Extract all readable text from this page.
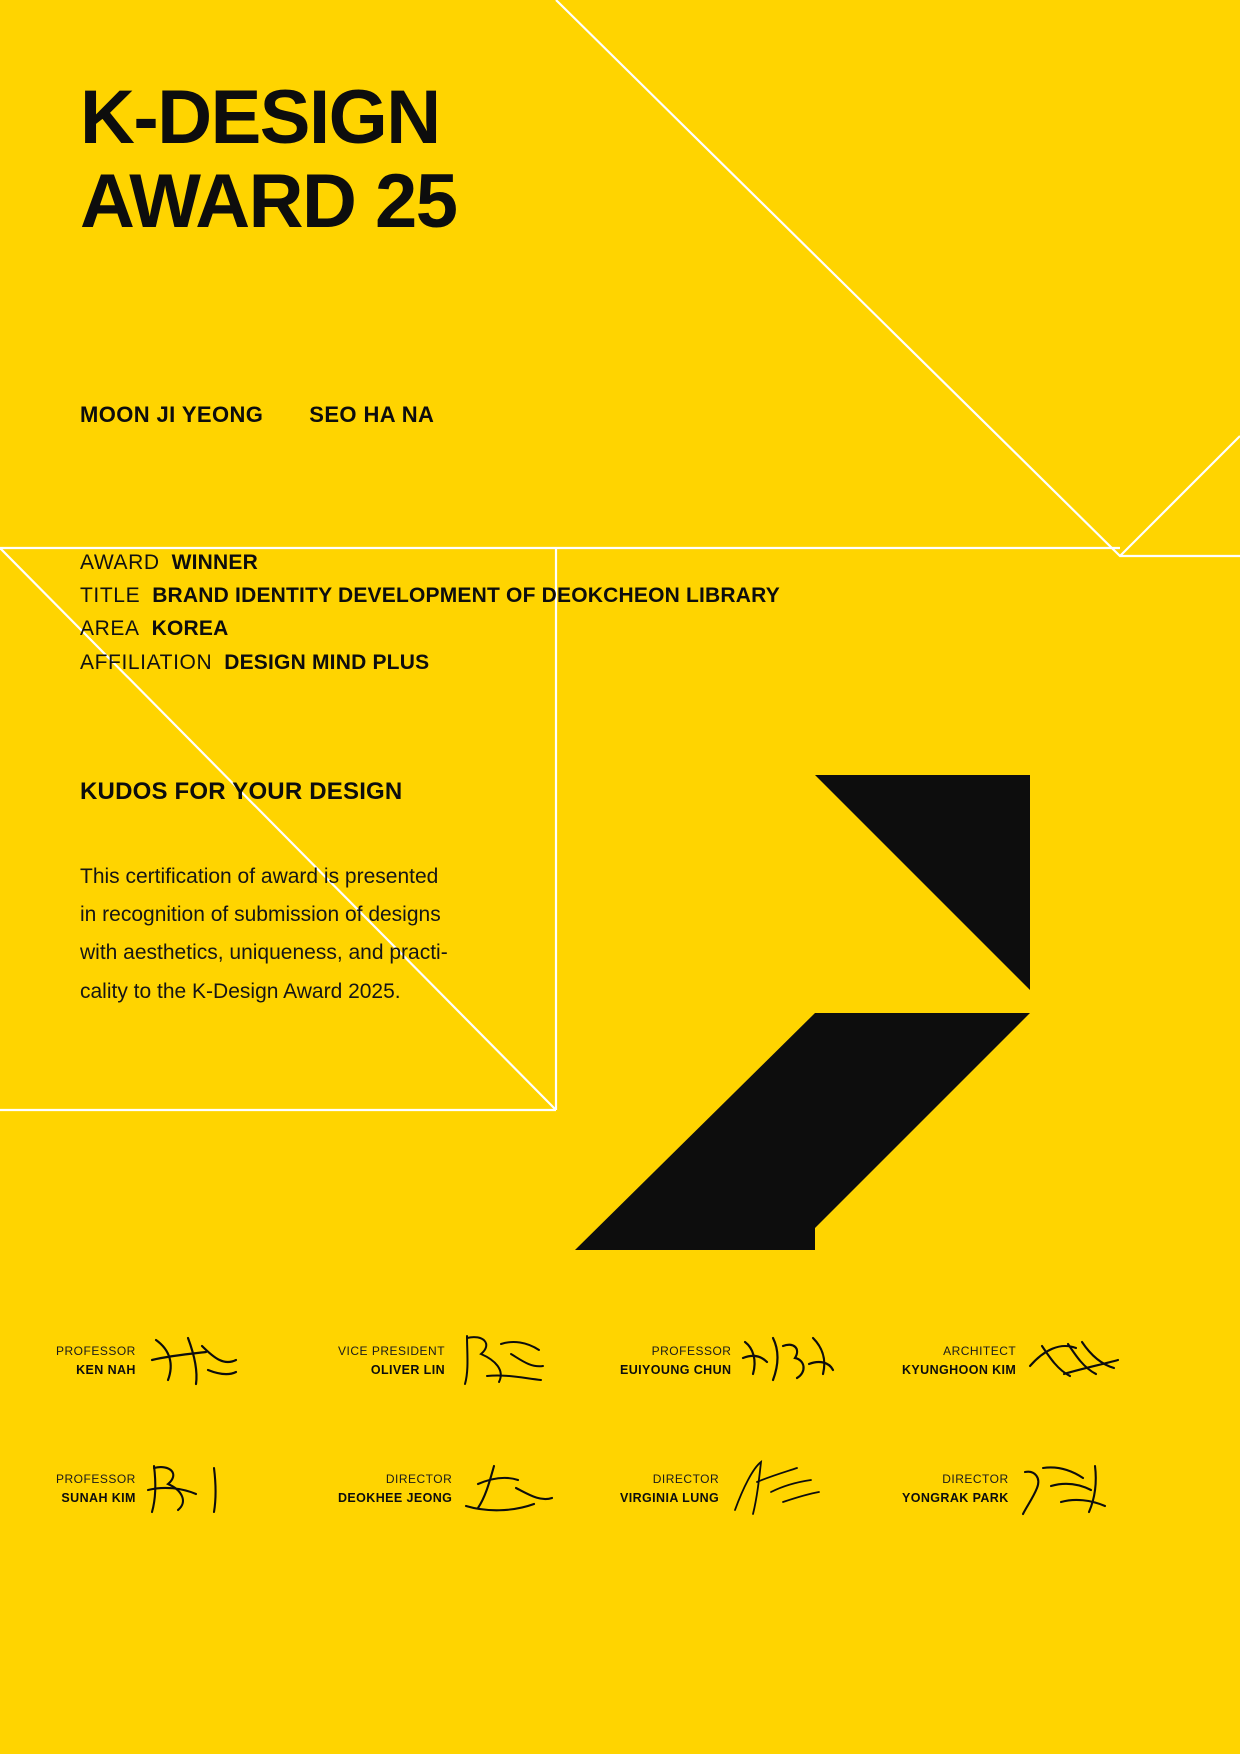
K-DESIGN
AWARD 25
MOON JI YEONG SEO HA NA
AWARD WINNER
TITLE BRAND IDENTITY DEVELOPMENT OF DEOKCHEON LIBRARY
AREA KOREA
AFFILIATION DESIGN MIND PLUS
KUDOS FOR YOUR DESIGN
This certification of award is presented
in recognition of submission of designs
with aesthetics, uniqueness, and practi-
cality to the K-Design Award 2025.
PROFESSOR
KEN NAH
VICE PRESIDENT
OLIVER LIN
PROFESSOR
EUIYOUNG CHUN
ARCHITECT
KYUNGHOON KIM
PROFESSOR
SUNAH KIM
DIRECTOR
DEOKHEE JEONG
DIRECTOR
VIRGINIA LUNG
DIRECTOR
YONGRAK PARK
